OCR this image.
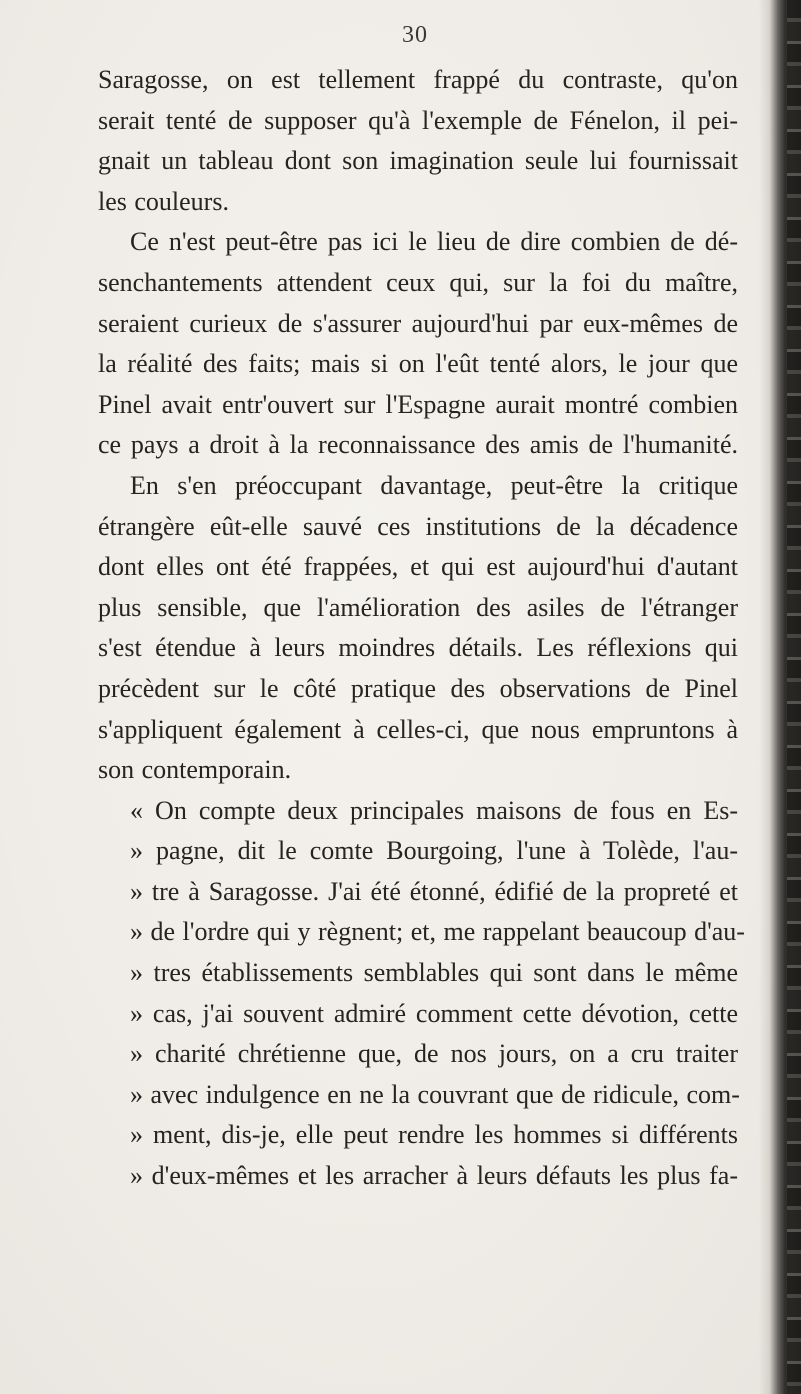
30
Saragosse, on est tellement frappé du contraste, qu'on
serait tenté de supposer qu'à l'exemple de Fénelon, il pei-
gnait un tableau dont son imagination seule lui fournissait
les couleurs.
Ce n'est peut-être pas ici le lieu de dire combien de dé-
senchantements attendent ceux qui, sur la foi du maître,
seraient curieux de s'assurer aujourd'hui par eux-mêmes de
la réalité des faits; mais si on l'eût tenté alors, le jour que
Pinel avait entr'ouvert sur l'Espagne aurait montré combien
ce pays a droit à la reconnaissance des amis de l'humanité.
En s'en préoccupant davantage, peut-être la critique
étrangère eût-elle sauvé ces institutions de la décadence
dont elles ont été frappées, et qui est aujourd'hui d'autant
plus sensible, que l'amélioration des asiles de l'étranger
s'est étendue à leurs moindres détails. Les réflexions qui
précèdent sur le côté pratique des observations de Pinel
s'appliquent également à celles-ci, que nous empruntons à
son contemporain.
« On compte deux principales maisons de fous en Es-
» pagne, dit le comte Bourgoing, l'une à Tolède, l'au-
» tre à Saragosse. J'ai été étonné, édifié de la propreté et
» de l'ordre qui y règnent; et, me rappelant beaucoup d'au-
» tres établissements semblables qui sont dans le même
» cas, j'ai souvent admiré comment cette dévotion, cette
» charité chrétienne que, de nos jours, on a cru traiter
» avec indulgence en ne la couvrant que de ridicule, com-
» ment, dis-je, elle peut rendre les hommes si différents
» d'eux-mêmes et les arracher à leurs défauts les plus fa-
